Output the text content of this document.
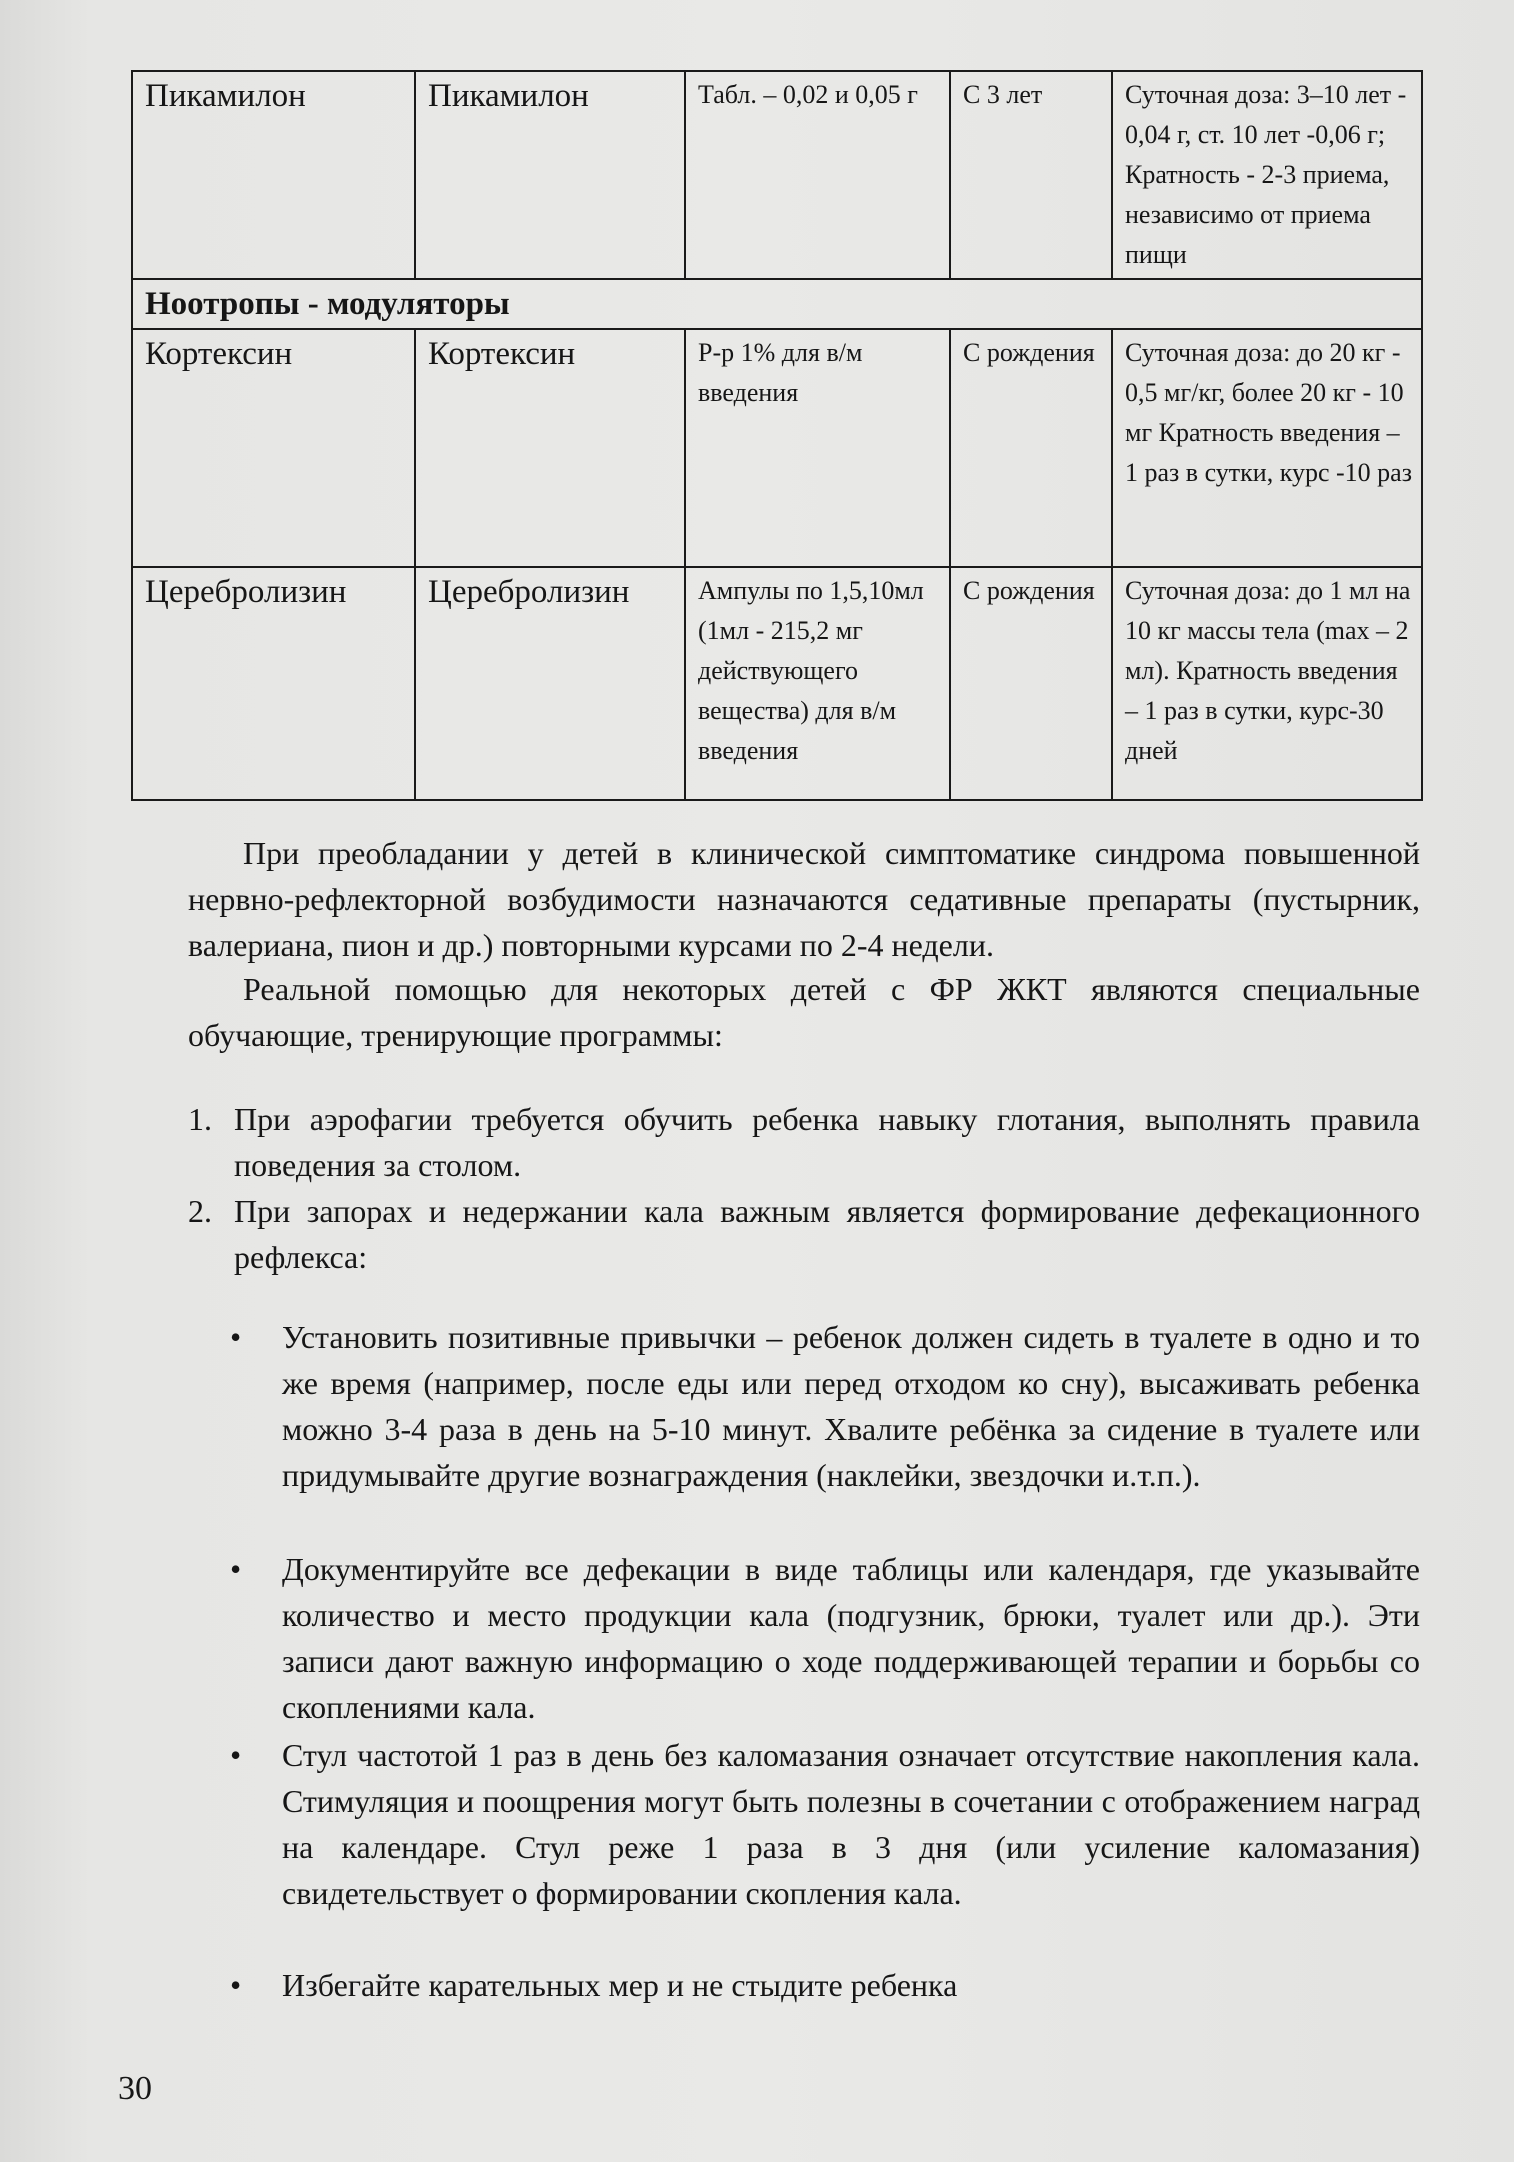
Пикамилон	Пикамилон	Табл. – 0,02 и 0,05 г	С 3 лет	Суточная доза: 3–10 лет - 0,04 г, ст. 10 лет -0,06 г; Кратность - 2-3 приема, независимо от приема пищи
Ноотропы - модуляторы				
Кортексин	Кортексин	Р-р 1% для в/м введения	С рождения	Суточная доза: до 20 кг - 0,5 мг/кг, более 20 кг - 10 мг Кратность введения – 1 раз в сутки, курс -10 раз
Церебролизин	Церебролизин	Ампулы по 1,5,10мл (1мл - 215,2 мг действующего вещества) для в/м введения	С рождения	Суточная доза: до 1 мл на 10 кг массы тела (max – 2 мл). Кратность введения – 1 раз в сутки, курс-30 дней

При преобладании у детей в клинической симптоматике синдрома повышенной нервно-рефлекторной возбудимости назначаются седативные препараты (пустырник, валериана, пион и др.) повторными курсами по 2-4 недели.

Реальной помощью для некоторых детей с ФР ЖКТ являются специальные обучающие, тренирующие программы:

1. При аэрофагии требуется обучить ребенка навыку глотания, выполнять правила поведения за столом.
2. При запорах и недержании кала важным является формирование дефекационного рефлекса:
• Установить позитивные привычки – ребенок должен сидеть в туалете в одно и то же время (например, после еды или перед отходом ко сну), высаживать ребенка можно 3-4 раза в день на 5-10 минут. Хвалите ребёнка за сидение в туалете или придумывайте другие вознаграждения (наклейки, звездочки и.т.п.).
• Документируйте все дефекации в виде таблицы или календаря, где указывайте количество и место продукции кала (подгузник, брюки, туалет или др.). Эти записи дают важную информацию о ходе поддерживающей терапии и борьбы со скоплениями кала.
• Стул частотой 1 раз в день без каломазания означает отсутствие накопления кала. Стимуляция и поощрения могут быть полезны в сочетании с отображением наград на календаре. Стул реже 1 раза в 3 дня (или усиление каломазания) свидетельствует о формировании скопления кала.
• Избегайте карательных мер и не стыдите ребенка
30
